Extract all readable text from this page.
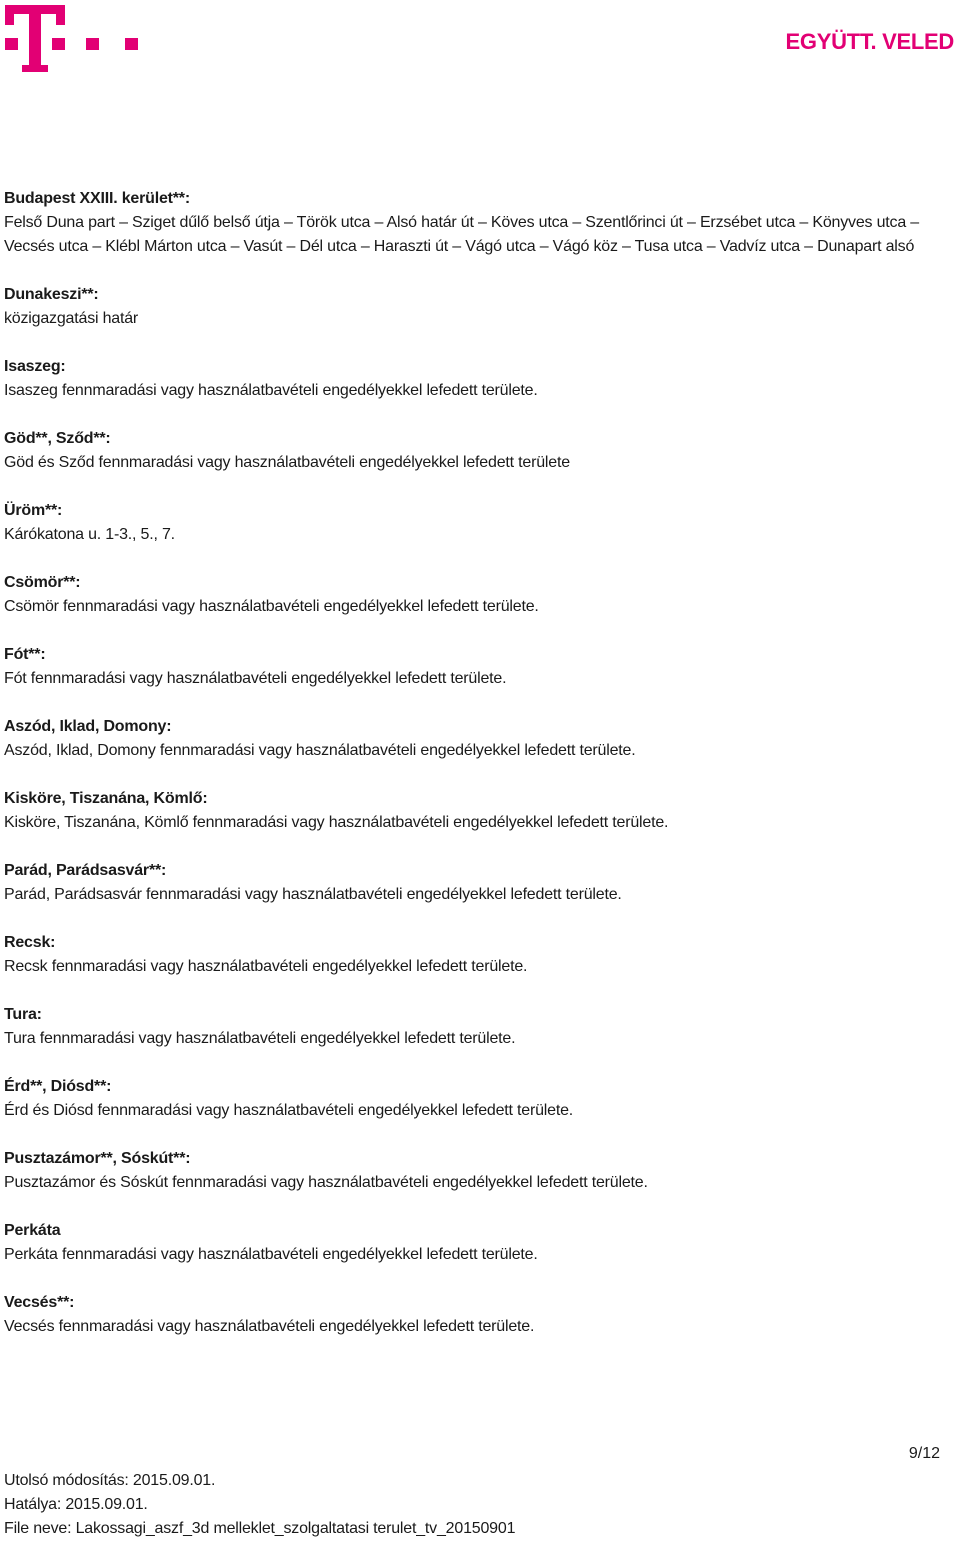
EGYÜTT. VELED
Budapest XXIII. kerület**:
Felső Duna part – Sziget dűlő belső útja – Török utca – Alsó határ út – Köves utca – Szentlőrinci út – Erzsébet utca – Könyves utca – Vecsés utca – Klébl Márton utca – Vasút – Dél utca – Haraszti út – Vágó utca – Vágó köz – Tusa utca – Vadvíz utca – Dunapart alsó
Dunakeszi**:
közigazgatási határ
Isaszeg:
Isaszeg fennmaradási vagy használatbavételi engedélyekkel lefedett területe.
Göd**, Sződ**:
Göd és Sződ fennmaradási vagy használatbavételi engedélyekkel lefedett területe
Üröm**:
Kárókatona u. 1-3., 5., 7.
Csömör**:
Csömör fennmaradási vagy használatbavételi engedélyekkel lefedett területe.
Fót**:
Fót fennmaradási vagy használatbavételi engedélyekkel lefedett területe.
Aszód, Iklad, Domony:
Aszód, Iklad, Domony fennmaradási vagy használatbavételi engedélyekkel lefedett területe.
Kisköre, Tiszanána, Kömlő:
Kisköre, Tiszanána, Kömlő fennmaradási vagy használatbavételi engedélyekkel lefedett területe.
Parád, Parádsasvár**:
Parád, Parádsasvár fennmaradási vagy használatbavételi engedélyekkel lefedett területe.
Recsk:
Recsk fennmaradási vagy használatbavételi engedélyekkel lefedett területe.
Tura:
Tura fennmaradási vagy használatbavételi engedélyekkel lefedett területe.
Érd**, Diósd**:
Érd és Diósd fennmaradási vagy használatbavételi engedélyekkel lefedett területe.
Pusztazámor**, Sóskút**:
Pusztazámor és Sóskút fennmaradási vagy használatbavételi engedélyekkel lefedett területe.
Perkáta
Perkáta fennmaradási vagy használatbavételi engedélyekkel lefedett területe.
Vecsés**:
Vecsés fennmaradási vagy használatbavételi engedélyekkel lefedett területe.
9/12
Utolsó módosítás: 2015.09.01.
Hatálya: 2015.09.01.
File neve: Lakossagi_aszf_3d melleklet_szolgaltatasi terulet_tv_20150901
